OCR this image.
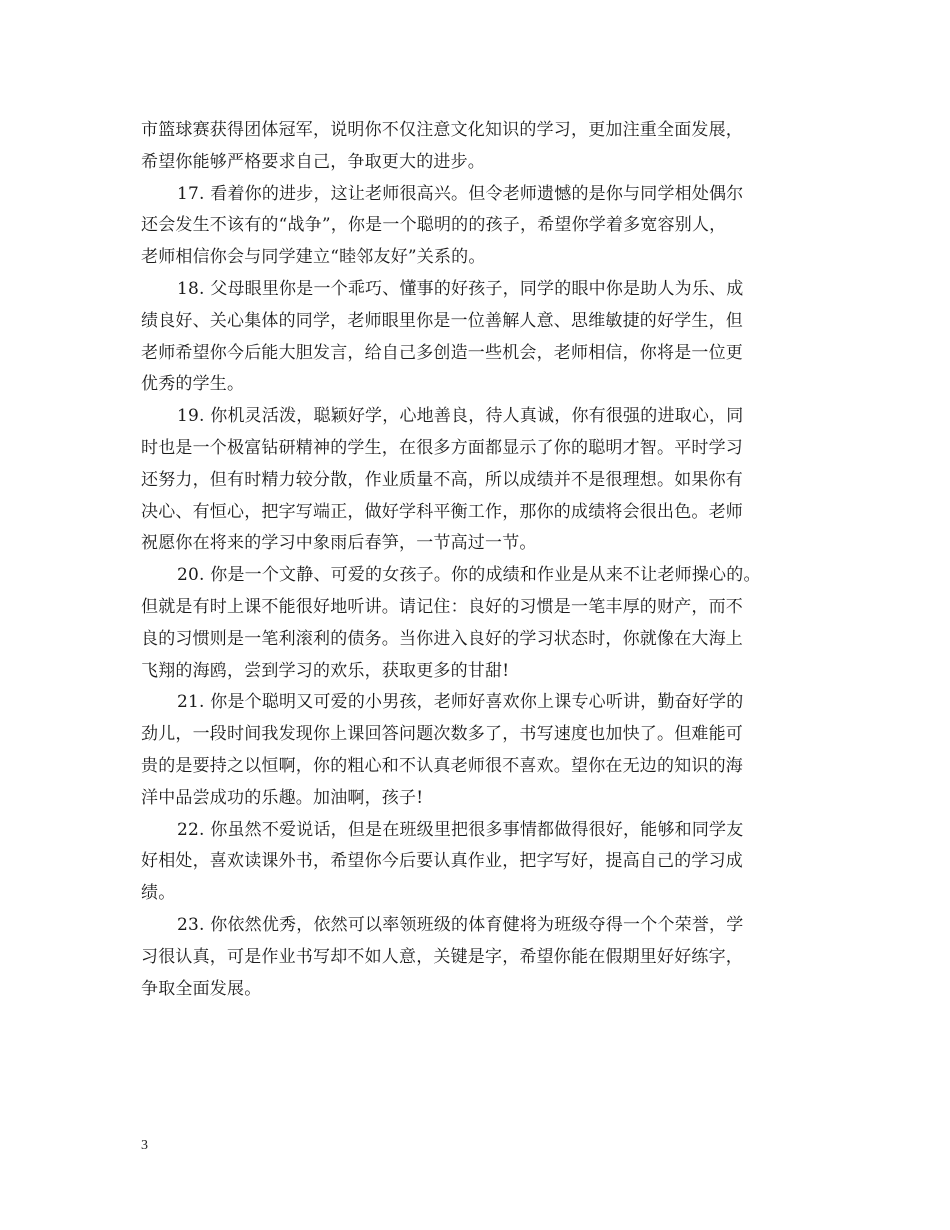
市篮球赛获得团体冠军，说明你不仅注意文化知识的学习，更加注重全面发展，
希望你能够严格要求自己，争取更大的进步。

17. 看着你的进步，这让老师很高兴。但令老师遗憾的是你与同学相处偶尔
还会发生不该有的“战争”，你是一个聪明的的孩子，希望你学着多宽容别人，
老师相信你会与同学建立“睦邻友好”关系的。

18. 父母眼里你是一个乖巧、懂事的好孩子，同学的眼中你是助人为乐、成
绩良好、关心集体的同学，老师眼里你是一位善解人意、思维敏捷的好学生，但
老师希望你今后能大胆发言，给自己多创造一些机会，老师相信，你将是一位更
优秀的学生。

19. 你机灵活泼，聪颖好学，心地善良，待人真诚，你有很强的进取心，同
时也是一个极富钻研精神的学生，在很多方面都显示了你的聪明才智。平时学习
还努力，但有时精力较分散，作业质量不高，所以成绩并不是很理想。如果你有
决心、有恒心，把字写端正，做好学科平衡工作，那你的成绩将会很出色。老师
祝愿你在将来的学习中象雨后春笋，一节高过一节。

20. 你是一个文静、可爱的女孩子。你的成绩和作业是从来不让老师操心的。
但就是有时上课不能很好地听讲。请记住：良好的习惯是一笔丰厚的财产，而不
良的习惯则是一笔利滚利的债务。当你进入良好的学习状态时，你就像在大海上
飞翔的海鸥，尝到学习的欢乐，获取更多的甘甜!

21. 你是个聪明又可爱的小男孩，老师好喜欢你上课专心听讲，勤奋好学的
劲儿，一段时间我发现你上课回答问题次数多了，书写速度也加快了。但难能可
贵的是要持之以恒啊，你的粗心和不认真老师很不喜欢。望你在无边的知识的海
洋中品尝成功的乐趣。加油啊，孩子!

22. 你虽然不爱说话，但是在班级里把很多事情都做得很好，能够和同学友
好相处，喜欢读课外书，希望你今后要认真作业，把字写好，提高自己的学习成
绩。

23. 你依然优秀，依然可以率领班级的体育健将为班级夺得一个个荣誉，学
习很认真，可是作业书写却不如人意，关键是字，希望你能在假期里好好练字，
争取全面发展。

3
